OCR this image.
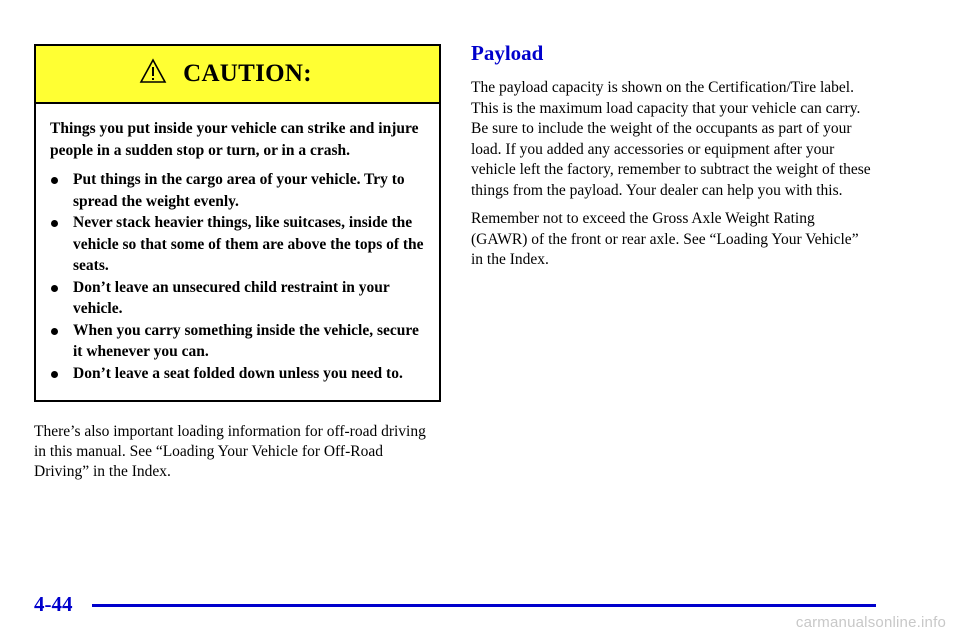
CAUTION:

Things you put inside your vehicle can strike and injure people in a sudden stop or turn, or in a crash.

Put things in the cargo area of your vehicle. Try to spread the weight evenly.
Never stack heavier things, like suitcases, inside the vehicle so that some of them are above the tops of the seats.
Don’t leave an unsecured child restraint in your vehicle.
When you carry something inside the vehicle, secure it whenever you can.
Don’t leave a seat folded down unless you need to.

There’s also important loading information for off-road driving in this manual. See “Loading Your Vehicle for Off-Road Driving” in the Index.

Payload

The payload capacity is shown on the Certification/Tire label. This is the maximum load capacity that your vehicle can carry. Be sure to include the weight of the occupants as part of your load. If you added any accessories or equipment after your vehicle left the factory, remember to subtract the weight of these things from the payload. Your dealer can help you with this.

Remember not to exceed the Gross Axle Weight Rating (GAWR) of the front or rear axle. See “Loading Your Vehicle” in the Index.

4-44
carmanualsonline.info
